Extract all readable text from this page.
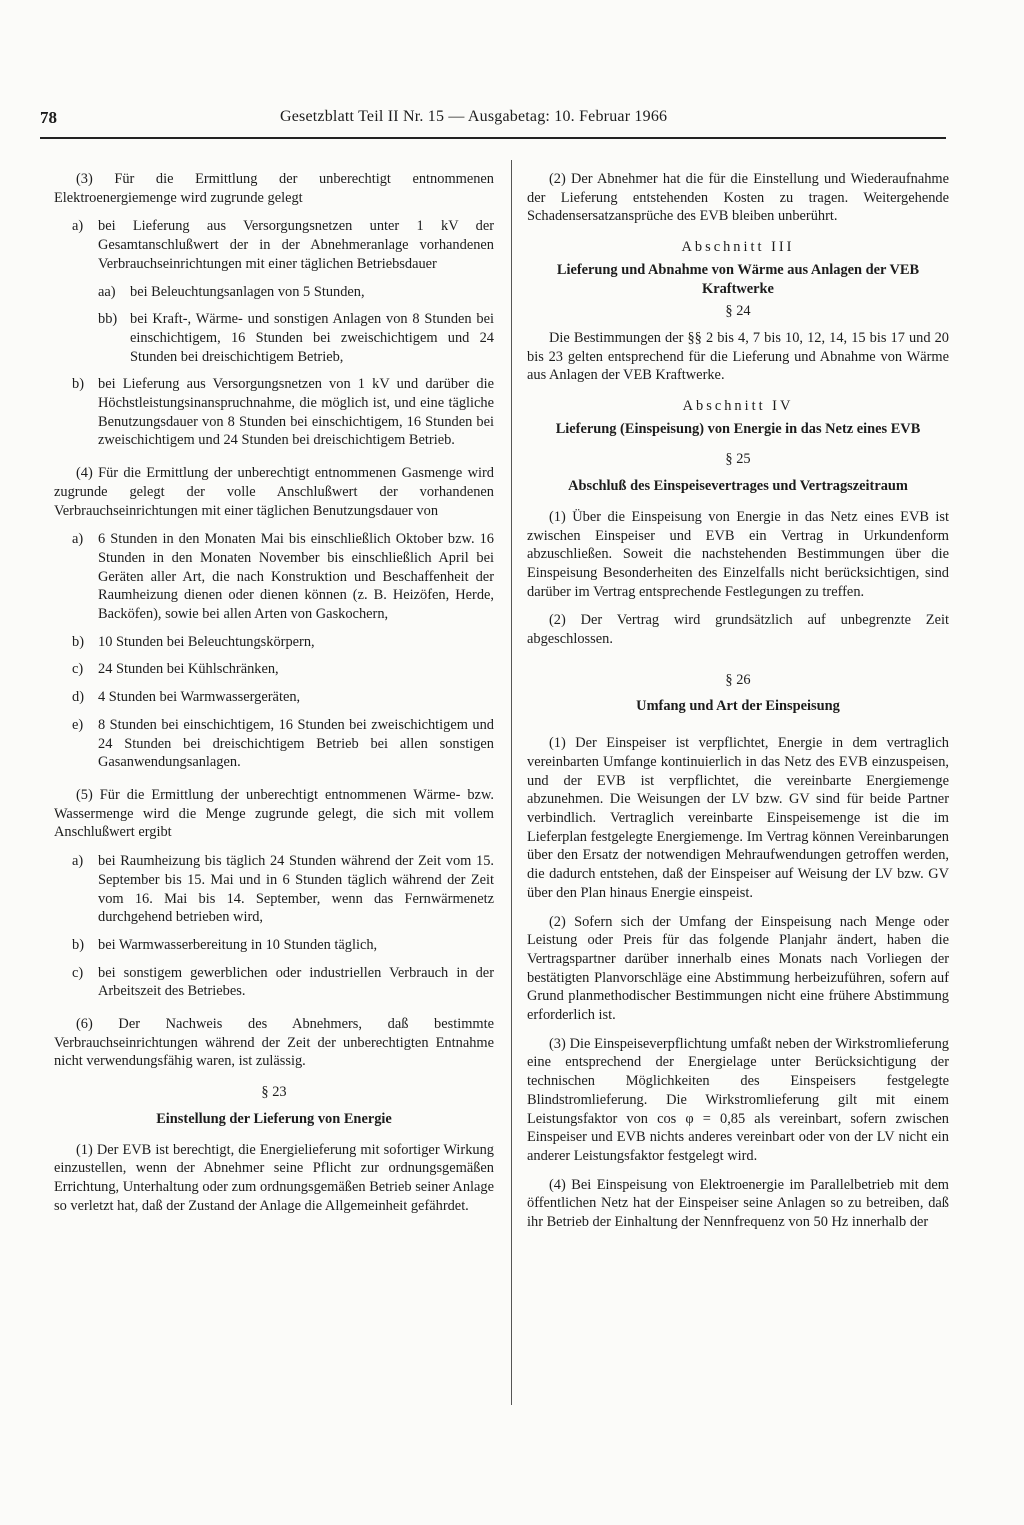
78	Gesetzblatt Teil II Nr. 15 — Ausgabetag: 10. Februar 1966

(3) Für die Ermittlung der unberechtigt entnommenen Elektroenergiemenge wird zugrunde gelegt

a)	bei Lieferung aus Versorgungsnetzen unter 1 kV der Gesamtanschlußwert der in der Abnehmeranlage vorhandenen Verbrauchseinrichtungen mit einer täglichen Betriebsdauer
aa)	bei Beleuchtungsanlagen von 5 Stunden,
bb) bei Kraft-, Wärme- und sonstigen Anlagen von 8 Stunden bei einschichtigem, 16 Stunden bei zweischichtigem und 24 Stunden bei dreischichtigem Betrieb,
b) bei Lieferung aus Versorgungsnetzen von 1 kV und darüber die Höchstleistungsinanspruchnahme, die möglich ist, und eine tägliche Benutzungsdauer von 8 Stunden bei einschichtigem, 16 Stunden bei zweischichtigem und 24 Stunden bei dreischichtigem Betrieb.

(4) Für die Ermittlung der unberechtigt entnommenen Gasmenge wird zugrunde gelegt der volle Anschlußwert der vorhandenen Verbrauchseinrichtungen mit einer täglichen Benutzungsdauer von

a)	6 Stunden in den Monaten Mai bis einschließlich Oktober bzw. 16 Stunden in den Monaten November bis einschließlich April bei Geräten aller Art, die nach Konstruktion und Beschaffenheit der Raumheizung dienen oder dienen können (z. B. Heizöfen, Herde, Backöfen), sowie bei allen Arten von Gaskochern,
b) 10 Stunden bei Beleuchtungskörpern,
c)	24 Stunden bei Kühlschränken,
d) 4 Stunden bei Warmwassergeräten,
e)	8 Stunden bei einschichtigem, 16 Stunden bei zweischichtigem und 24 Stunden bei dreischichtigem Betrieb bei allen sonstigen Gasanwendungsanlagen.

(5) Für die Ermittlung der unberechtigt entnommenen Wärme- bzw. Wassermenge wird die Menge zugrunde gelegt, die sich mit vollem Anschlußwert ergibt

a)	bei Raumheizung bis täglich 24 Stunden während der Zeit vom 15. September bis 15. Mai und in 6 Stunden täglich während der Zeit vom 16. Mai bis 14. September, wenn das Fernwärmenetz durchgehend betrieben wird,
b) bei Warmwasserbereitung in 10 Stunden täglich,
c)	bei sonstigem gewerblichen oder industriellen Verbrauch in der Arbeitszeit des Betriebes.

(6) Der Nachweis des Abnehmers, daß bestimmte Verbrauchseinrichtungen während der Zeit der unberechtigten Entnahme nicht verwendungsfähig waren, ist zulässig.

§ 23
Einstellung der Lieferung von Energie

(1) Der EVB ist berechtigt, die Energielieferung mit sofortiger Wirkung einzustellen, wenn der Abnehmer seine Pflicht zur ordnungsgemäßen Errichtung, Unterhaltung oder zum ordnungsgemäßen Betrieb seiner Anlage so verletzt hat, daß der Zustand der Anlage die Allgemeinheit gefährdet.

(2) Der Abnehmer hat die für die Einstellung und Wiederaufnahme der Lieferung entstehenden Kosten zu tragen. Weitergehende Schadensersatzansprüche des EVB bleiben unberührt.

Abschnitt III
Lieferung und Abnahme von Wärme aus Anlagen der VEB Kraftwerke
§ 24

Die Bestimmungen der §§ 2 bis 4, 7 bis 10, 12, 14, 15 bis 17 und 20 bis 23 gelten entsprechend für die Lieferung und Abnahme von Wärme aus Anlagen der VEB Kraftwerke.

Abschnitt IV
Lieferung (Einspeisung) von Energie in das Netz eines EVB
§ 25
Abschluß des Einspeisevertrages und Vertragszeitraum

(1) Über die Einspeisung von Energie in das Netz eines EVB ist zwischen Einspeiser und EVB ein Vertrag in Urkundenform abzuschließen. Soweit die nachstehenden Bestimmungen über die Einspeisung Besonderheiten des Einzelfalls nicht berücksichtigen, sind darüber im Vertrag entsprechende Festlegungen zu treffen.

(2) Der Vertrag wird grundsätzlich auf unbegrenzte Zeit abgeschlossen.

§ 26
Umfang und Art der Einspeisung

(1) Der Einspeiser ist verpflichtet, Energie in dem vertraglich vereinbarten Umfange kontinuierlich in das Netz des EVB einzuspeisen, und der EVB ist verpflichtet, die vereinbarte Energiemenge abzunehmen. Die Weisungen der LV bzw. GV sind für beide Partner verbindlich. Vertraglich vereinbarte Einspeisemenge ist die im Lieferplan festgelegte Energiemenge. Im Vertrag können Vereinbarungen über den Ersatz der notwendigen Mehraufwendungen getroffen werden, die dadurch entstehen, daß der Einspeiser auf Weisung der LV bzw. GV über den Plan hinaus Energie einspeist.

(2) Sofern sich der Umfang der Einspeisung nach Menge oder Leistung oder Preis für das folgende Planjahr ändert, haben die Vertragspartner darüber innerhalb eines Monats nach Vorliegen der bestätigten Planvorschläge eine Abstimmung herbeizuführen, sofern auf Grund planmethodischer Bestimmungen nicht eine frühere Abstimmung erforderlich ist.

(3) Die Einspeiseverpflichtung umfaßt neben der Wirkstromlieferung eine entsprechend der Energielage unter Berücksichtigung der technischen Möglichkeiten des Einspeisers festgelegte Blindstromlieferung. Die Wirkstromlieferung gilt mit einem Leistungsfaktor von cos φ = 0,85 als vereinbart, sofern zwischen Einspeiser und EVB nichts anderes vereinbart oder von der LV nicht ein anderer Leistungsfaktor festgelegt wird.

(4) Bei Einspeisung von Elektroenergie im Parallelbetrieb mit dem öffentlichen Netz hat der Einspeiser seine Anlagen so zu betreiben, daß ihr Betrieb der Einhaltung der Nennfrequenz von 50 Hz innerhalb der
